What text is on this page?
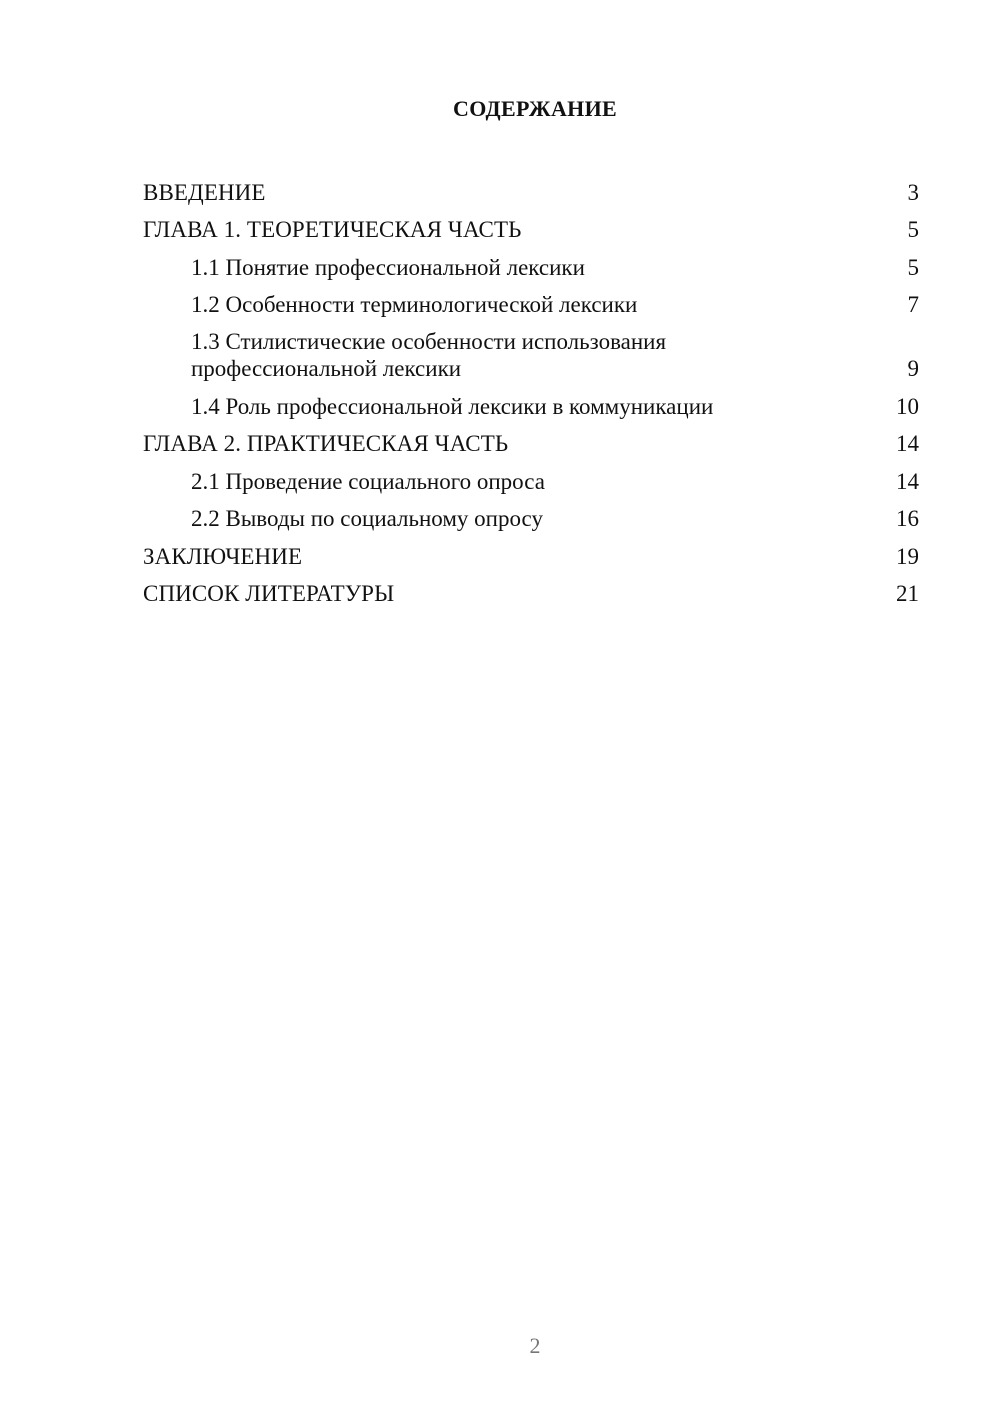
СОДЕРЖАНИЕ
ВВЕДЕНИЕ	3
ГЛАВА 1. ТЕОРЕТИЧЕСКАЯ ЧАСТЬ	5
1.1 Понятие профессиональной лексики	5
1.2 Особенности терминологической лексики	7
1.3 Стилистические особенности использования
профессиональной лексики	9
1.4 Роль профессиональной лексики в коммуникации	10
ГЛАВА 2. ПРАКТИЧЕСКАЯ ЧАСТЬ	14
2.1 Проведение социального опроса	14
2.2 Выводы по социальному опросу	16
ЗАКЛЮЧЕНИЕ	19
СПИСОК ЛИТЕРАТУРЫ	21
2
